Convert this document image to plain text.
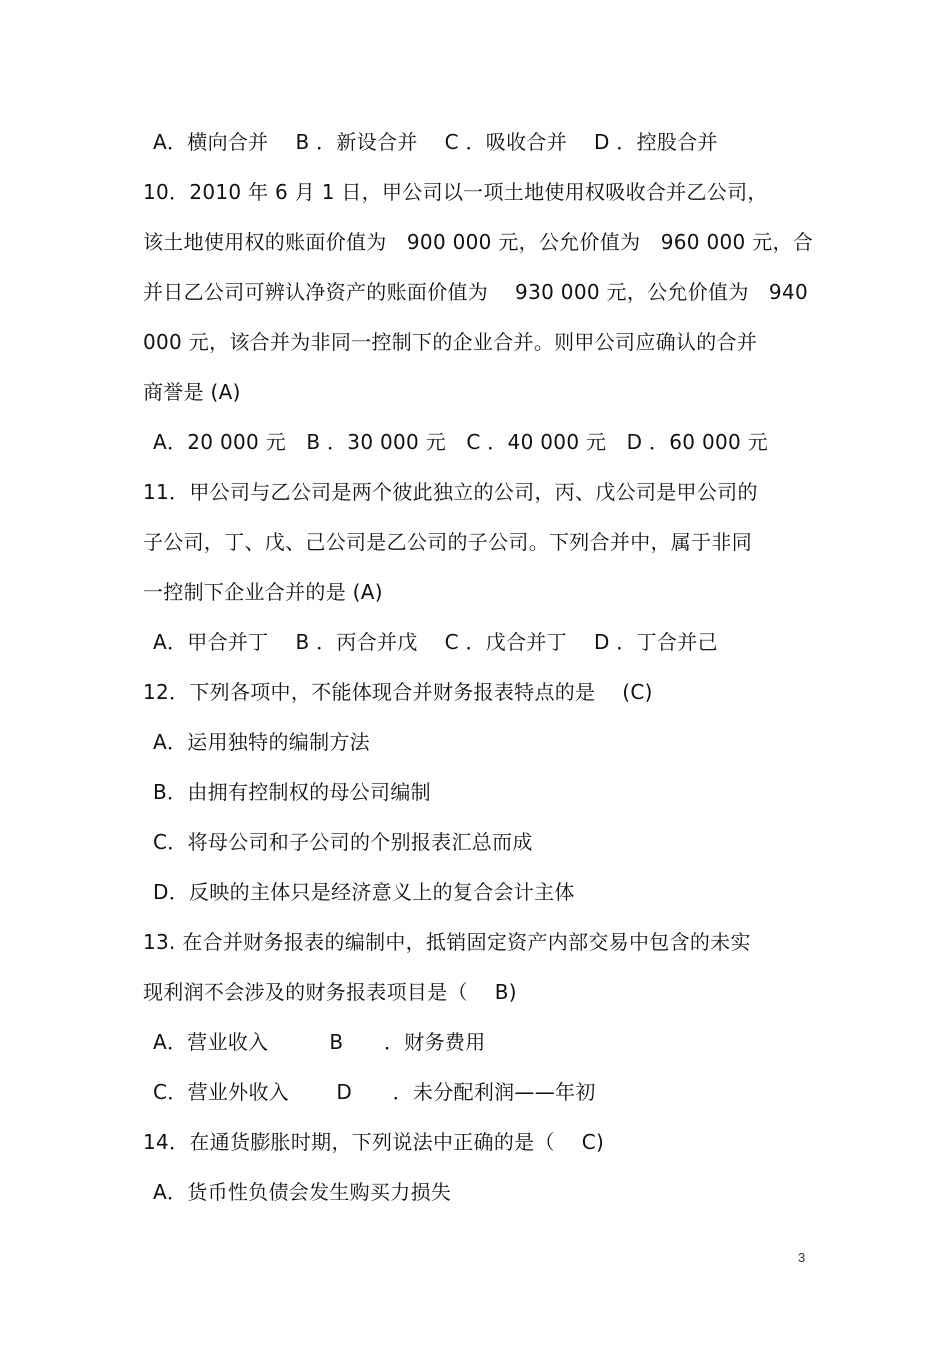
A．横向合并　 B ．新设合并　 C ．吸收合并　 D ．控股合并
10．2010 年 6 月 1 日，甲公司以一项土地使用权吸收合并乙公司，
该土地使用权的账面价值为　900 000 元，公允价值为　960 000 元，合
并日乙公司可辨认净资产的账面价值为　 930 000 元，公允价值为　940
000 元，该合并为非同一控制下的企业合并。则甲公司应确认的合并
商誉是 (A)
A．20 000 元　B ．30 000 元　C ．40 000 元　D ．60 000 元
11．甲公司与乙公司是两个彼此独立的公司，丙、戊公司是甲公司的
子公司，丁、戊、己公司是乙公司的子公司。下列合并中，属于非同
一控制下企业合并的是 (A)
A．甲合并丁　 B ．丙合并戊　 C ．戊合并丁　 D ．丁合并己
12．下列各项中，不能体现合并财务报表特点的是　 (C)
A．运用独特的编制方法
B．由拥有控制权的母公司编制
C．将母公司和子公司的个别报表汇总而成
D．反映的主体只是经济意义上的复合会计主体
13. 在合并财务报表的编制中，抵销固定资产内部交易中包含的未实
现利润不会涉及的财务报表项目是（　 B)
A．营业收入　　　B　　．财务费用
C．营业外收入　　 D　　．未分配利润——年初
14．在通货膨胀时期，下列说法中正确的是（　 C)
A．货币性负债会发生购买力损失
3
